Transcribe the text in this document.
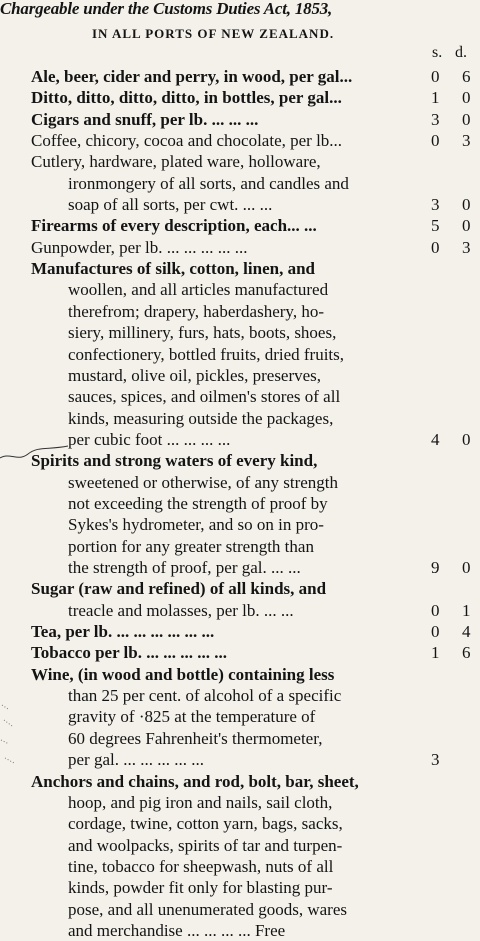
Chargeable under the Customs Duties Act, 1853,
IN ALL PORTS OF NEW ZEALAND.
s. d.
Ale, beer, cider and perry, in wood, per gal...	0 6
Ditto, ditto, ditto, ditto, in bottles, per gal...	1 0
Cigars and snuff, per lb. ... ... ...	3 0
Coffee, chicory, cocoa and chocolate, per lb...	0 3
Cutlery, hardware, plated ware, holloware,
ironmongery of all sorts, and candles and
soap of all sorts, per cwt. ... ...	3 0
Firearms of every description, each... ...	5 0
Gunpowder, per lb. ... ... ... ... ...	0 3
Manufactures of silk, cotton, linen, and
woollen, and all articles manufactured
therefrom; drapery, haberdashery, ho-
siery, millinery, furs, hats, boots, shoes,
confectionery, bottled fruits, dried fruits,
mustard, olive oil, pickles, preserves,
sauces, spices, and oilmen's stores of all
kinds, measuring outside the packages,
per cubic foot ... ... ... ...	4 0
Spirits and strong waters of every kind,
sweetened or otherwise, of any strength
not exceeding the strength of proof by
Sykes's hydrometer, and so on in pro-
portion for any greater strength than
the strength of proof, per gal. ... ...	9 0
Sugar (raw and refined) of all kinds, and
treacle and molasses, per lb. ... ...	0 1
Tea, per lb. ... ... ... ... ... ...	0 4
Tobacco per lb. ... ... ... ... ...	1 6
Wine, (in wood and bottle) containing less
than 25 per cent. of alcohol of a specific
gravity of ·825 at the temperature of
60 degrees Fahrenheit's thermometer,
per gal. ... ... ... ... ...	3
Anchors and chains, and rod, bolt, bar, sheet,
hoop, and pig iron and nails, sail cloth,
cordage, twine, cotton yarn, bags, sacks,
and woolpacks, spirits of tar and turpen-
tine, tobacco for sheepwash, nuts of all
kinds, powder fit only for blasting pur-
pose, and all unenumerated goods, wares
and merchandise ... ... ... ... Free
